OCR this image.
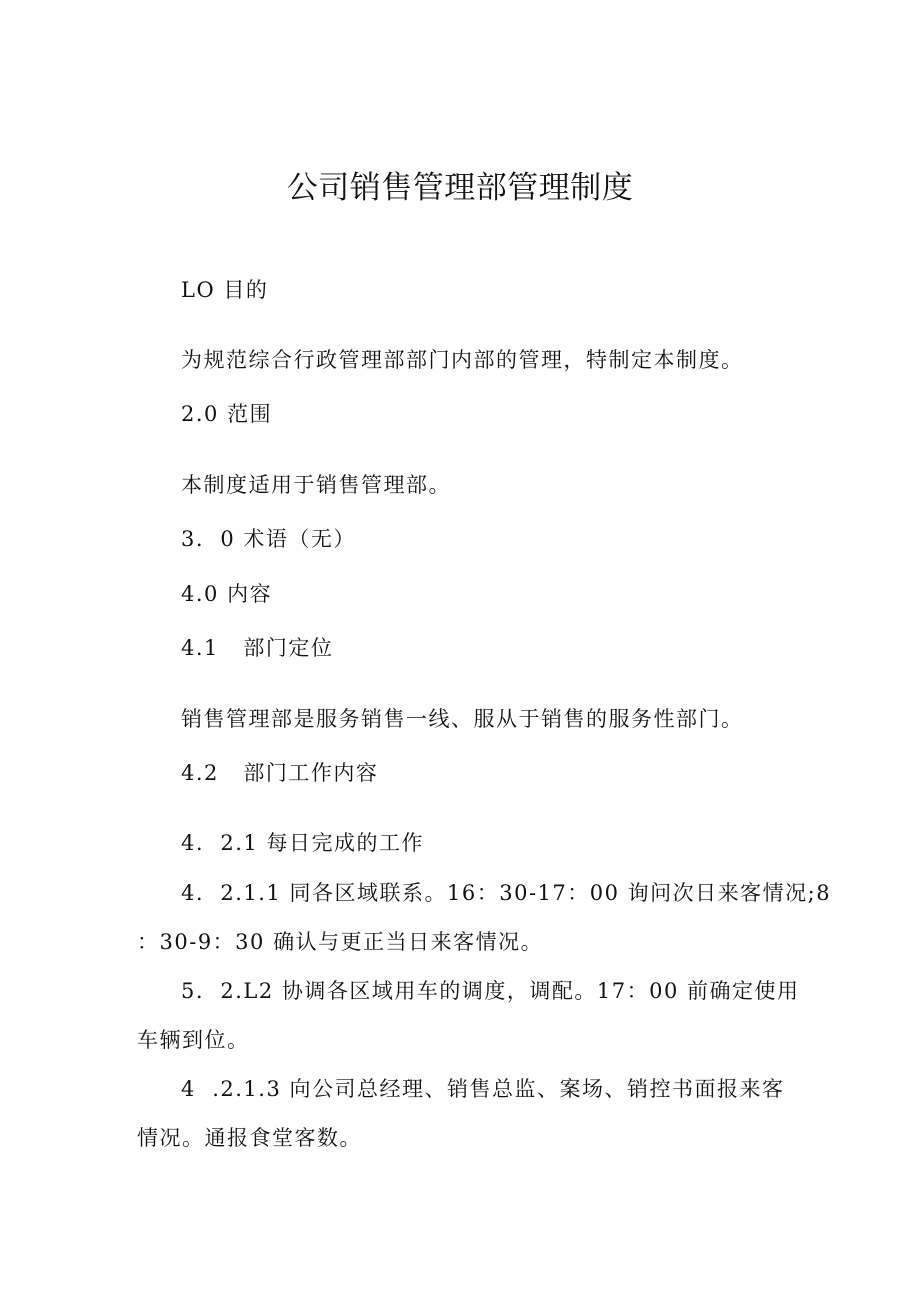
公司销售管理部管理制度
LO 目的
为规范综合行政管理部部门内部的管理，特制定本制度。
2.0 范围
本制度适用于销售管理部。
3.  0 术语（无）
4.0 内容
4.1   部门定位
销售管理部是服务销售一线、服从于销售的服务性部门。
4.2   部门工作内容
4.  2.1 每日完成的工作
4.  2.1.1 同各区域联系。16：30-17：00 询问次日来客情况;8
：30-9：30 确认与更正当日来客情况。
5.  2.L2 协调各区域用车的调度，调配。17：00 前确定使用
车辆到位。
4  .2.1.3 向公司总经理、销售总监、案场、销控书面报来客
情况。通报食堂客数。
